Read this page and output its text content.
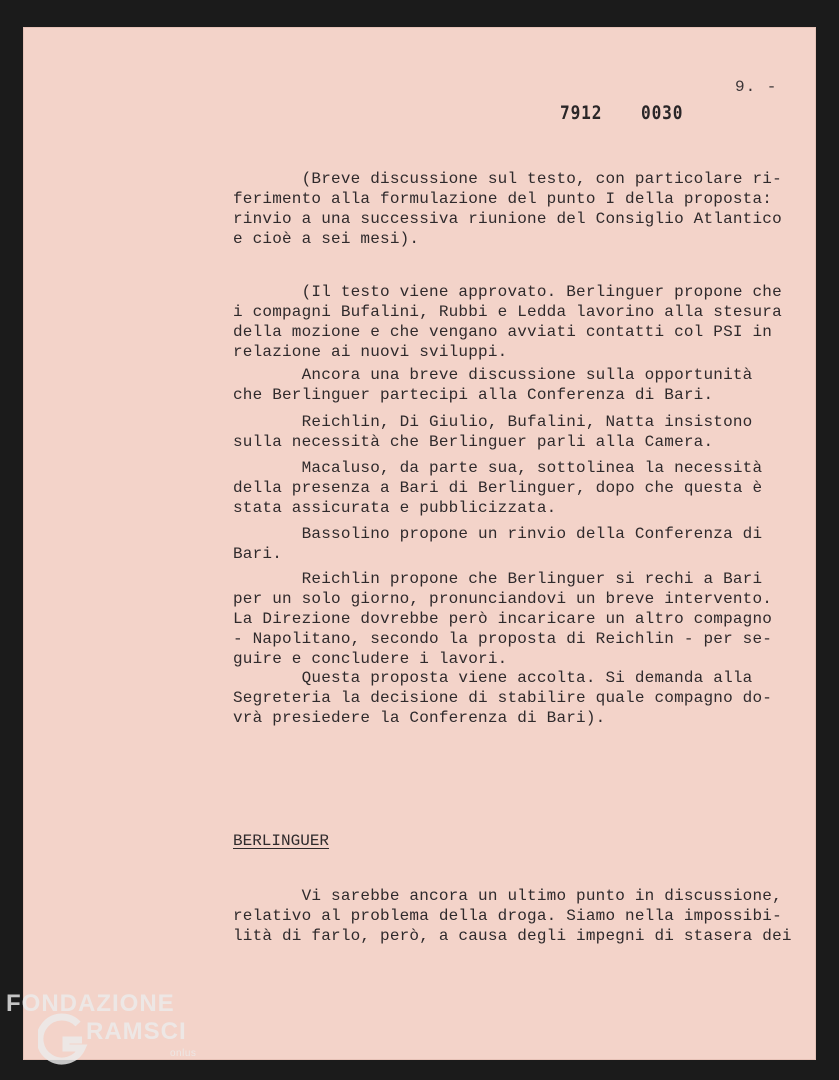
9. -
7912 0030
(Breve discussione sul testo, con particolare ri-
ferimento alla formulazione del punto I della proposta:
rinvio a una successiva riunione del Consiglio Atlantico
e cioè a sei mesi).
(Il testo viene approvato. Berlinguer propone che
i compagni Bufalini, Rubbi e Ledda lavorino alla stesura
della mozione e che vengano avviati contatti col PSI in
relazione ai nuovi sviluppi.
Ancora una breve discussione sulla opportunità
che Berlinguer partecipi alla Conferenza di Bari.
Reichlin, Di Giulio, Bufalini, Natta insistono
sulla necessità che Berlinguer parli alla Camera.
Macaluso, da parte sua, sottolinea la necessità
della presenza a Bari di Berlinguer, dopo che questa è
stata assicurata e pubblicizzata.
Bassolino propone un rinvio della Conferenza di
Bari.
Reichlin propone che Berlinguer si rechi a Bari
per un solo giorno, pronunciandovi un breve intervento.
La Direzione dovrebbe però incaricare un altro compagno
- Napolitano, secondo la proposta di Reichlin - per se-
guire e concludere i lavori.
Questa proposta viene accolta. Si demanda alla
Segreteria la decisione di stabilire quale compagno do-
vrà presiedere la Conferenza di Bari).
BERLINGUER
Vi sarebbe ancora un ultimo punto in discussione,
relativo al problema della droga. Siamo nella impossibi-
lità di farlo, però, a causa degli impegni di stasera dei
FONDAZIONE
RAMSCI
onlus
